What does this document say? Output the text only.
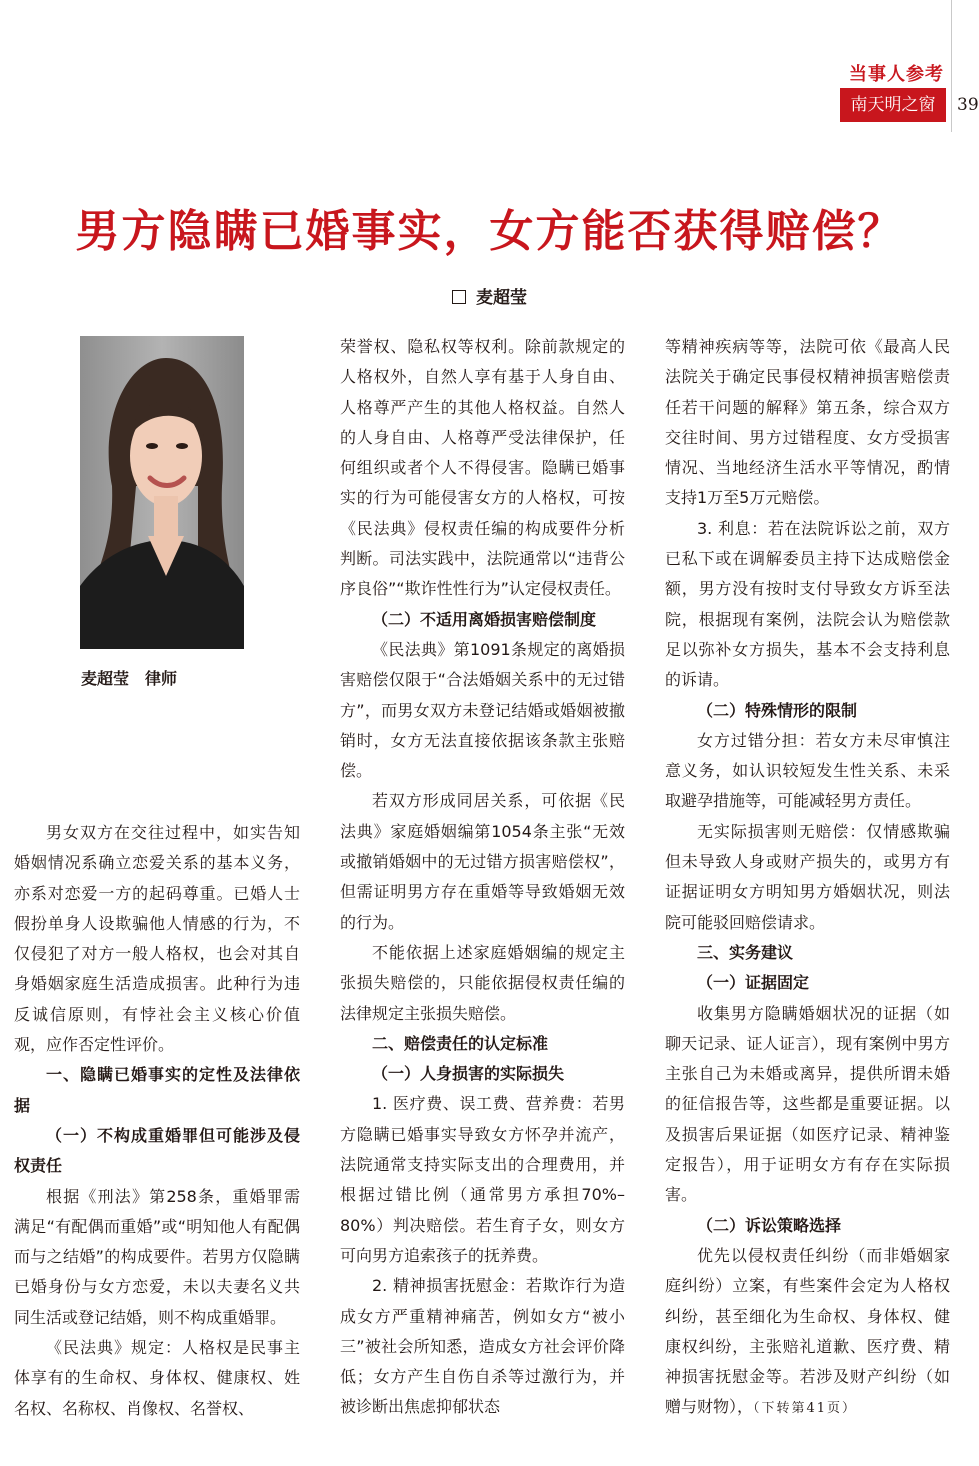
当事人参考
南天明之窗	39
男方隐瞒已婚事实，女方能否获得赔偿？
麦超莹
麦超莹　律师

男女双方在交往过程中，如实告知婚姻情况系确立恋爱关系的基本义务，亦系对恋爱一方的起码尊重。已婚人士假扮单身人设欺骗他人情感的行为，不仅侵犯了对方一般人格权，也会对其自身婚姻家庭生活造成损害。此种行为违反诚信原则，有悖社会主义核心价值观，应作否定性评价。

一、隐瞒已婚事实的定性及法律依据

（一）不构成重婚罪但可能涉及侵权责任

根据《刑法》第258条，重婚罪需满足“有配偶而重婚”或“明知他人有配偶而与之结婚”的构成要件。若男方仅隐瞒已婚身份与女方恋爱，未以夫妻名义共同生活或登记结婚，则不构成重婚罪。

《民法典》规定：人格权是民事主体享有的生命权、身体权、健康权、姓名权、名称权、肖像权、名誉权、

荣誉权、隐私权等权利。除前款规定的人格权外，自然人享有基于人身自由、人格尊严产生的其他人格权益。自然人的人身自由、人格尊严受法律保护，任何组织或者个人不得侵害。隐瞒已婚事实的行为可能侵害女方的人格权，可按《民法典》侵权责任编的构成要件分析判断。司法实践中，法院通常以“违背公序良俗”“欺诈性性行为”认定侵权责任。

（二）不适用离婚损害赔偿制度

《民法典》第1091条规定的离婚损害赔偿仅限于“合法婚姻关系中的无过错方”，而男女双方未登记结婚或婚姻被撤销时，女方无法直接依据该条款主张赔偿。

若双方形成同居关系，可依据《民法典》家庭婚姻编第1054条主张“无效或撤销婚姻中的无过错方损害赔偿权”，但需证明男方存在重婚等导致婚姻无效的行为。

不能依据上述家庭婚姻编的规定主张损失赔偿的，只能依据侵权责任编的法律规定主张损失赔偿。

二、赔偿责任的认定标准

（一）人身损害的实际损失

1. 医疗费、误工费、营养费：若男方隐瞒已婚事实导致女方怀孕并流产，法院通常支持实际支出的合理费用，并根据过错比例（通常男方承担70%–80%）判决赔偿。若生育子女，则女方可向男方追索孩子的抚养费。

2. 精神损害抚慰金：若欺诈行为造成女方严重精神痛苦，例如女方“被小三”被社会所知悉，造成女方社会评价降低；女方产生自伤自杀等过激行为，并被诊断出焦虑抑郁状态

等精神疾病等等，法院可依《最高人民法院关于确定民事侵权精神损害赔偿责任若干问题的解释》第五条，综合双方交往时间、男方过错程度、女方受损害情况、当地经济生活水平等情况，酌情支持1万至5万元赔偿。

3. 利息：若在法院诉讼之前，双方已私下或在调解委员主持下达成赔偿金额，男方没有按时支付导致女方诉至法院，根据现有案例，法院会认为赔偿款足以弥补女方损失，基本不会支持利息的诉请。

（二）特殊情形的限制

女方过错分担：若女方未尽审慎注意义务，如认识较短发生性关系、未采取避孕措施等，可能减轻男方责任。

无实际损害则无赔偿：仅情感欺骗但未导致人身或财产损失的，或男方有证据证明女方明知男方婚姻状况，则法院可能驳回赔偿请求。

三、实务建议

（一）证据固定

收集男方隐瞒婚姻状况的证据（如聊天记录、证人证言），现有案例中男方主张自己为未婚或离异，提供所谓未婚的征信报告等，这些都是重要证据。以及损害后果证据（如医疗记录、精神鉴定报告），用于证明女方有存在实际损害。

（二）诉讼策略选择

优先以侵权责任纠纷（而非婚姻家庭纠纷）立案，有些案件会定为人格权纠纷，甚至细化为生命权、身体权、健康权纠纷，主张赔礼道歉、医疗费、精神损害抚慰金等。若涉及财产纠纷（如赠与财物），（下转第41页）
